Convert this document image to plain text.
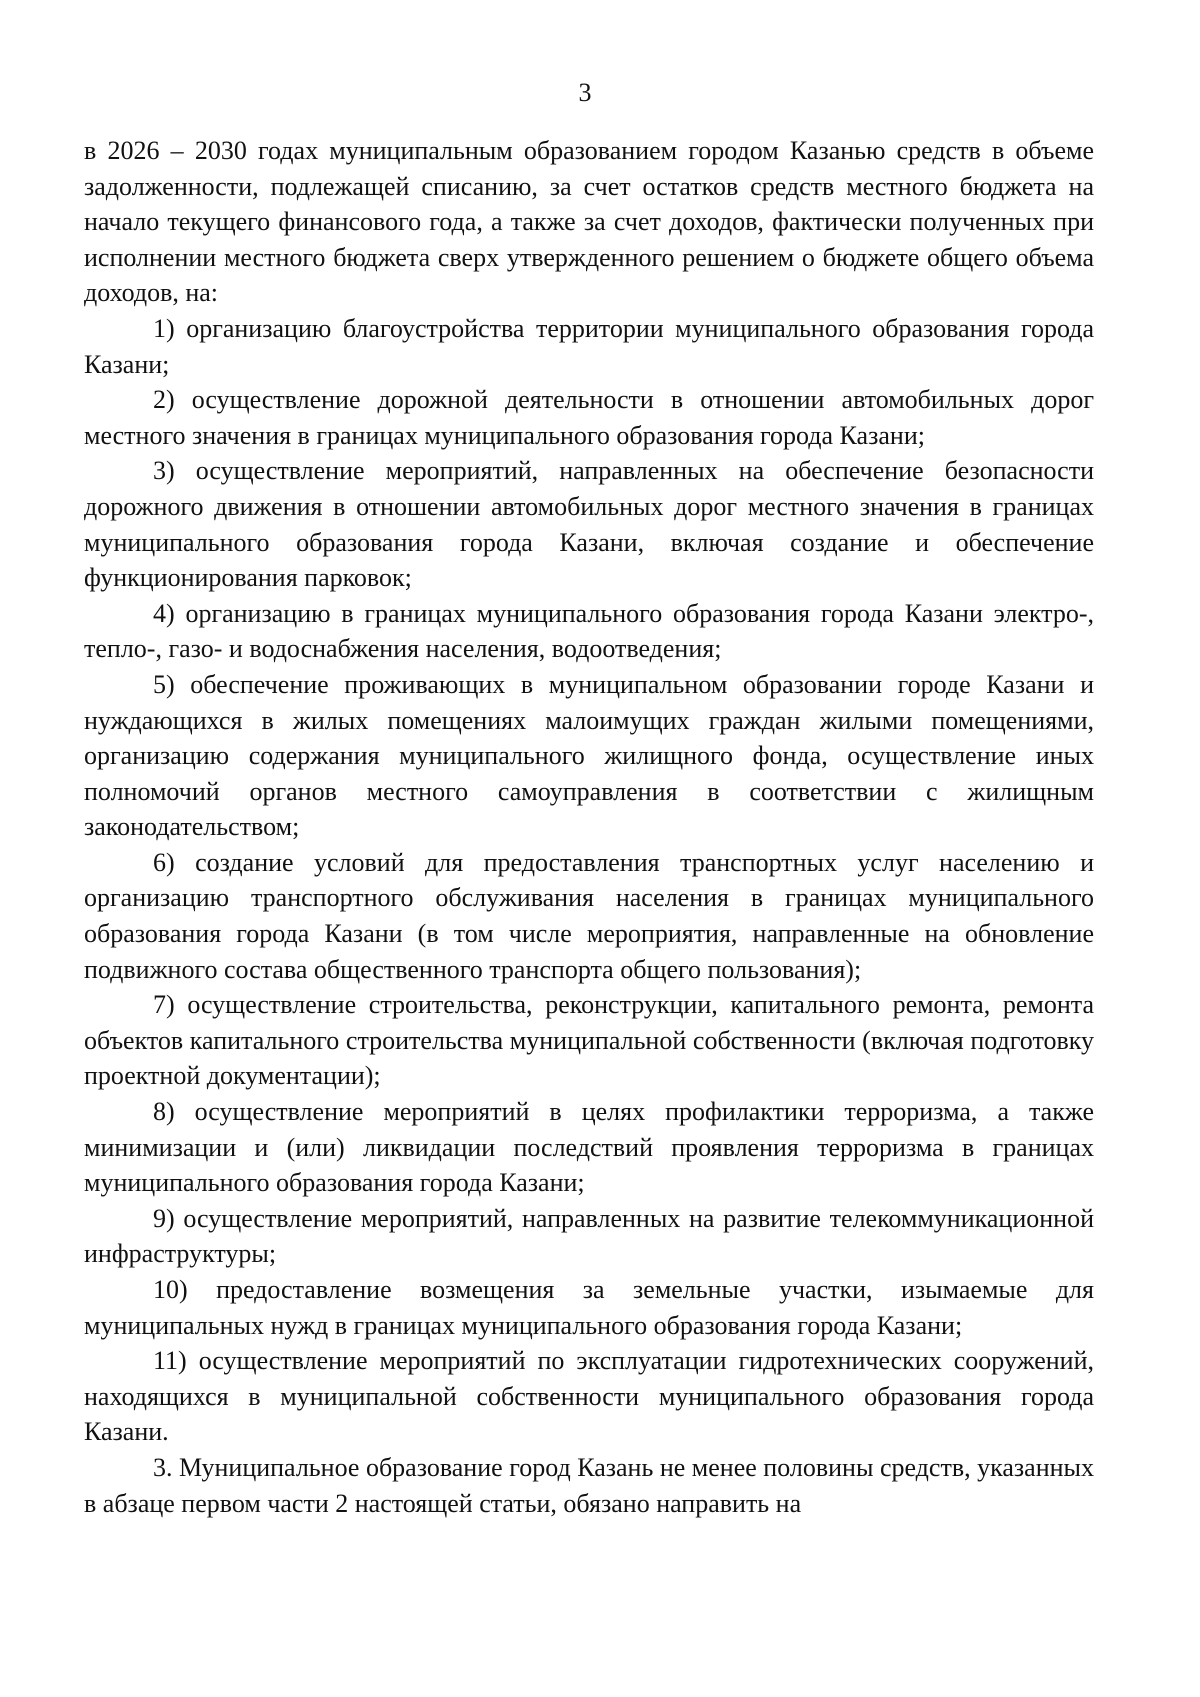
3

в 2026 – 2030 годах муниципальным образованием городом Казанью средств в объеме задолженности, подлежащей списанию, за счет остатков средств местного бюджета на начало текущего финансового года, а также за счет доходов, фактически полученных при исполнении местного бюджета сверх утвержденного решением о бюджете общего объема доходов, на:

1) организацию благоустройства территории муниципального образования города Казани;

2) осуществление дорожной деятельности в отношении автомобильных дорог местного значения в границах муниципального образования города Казани;

3) осуществление мероприятий, направленных на обеспечение безопасности дорожного движения в отношении автомобильных дорог местного значения в границах муниципального образования города Казани, включая создание и обеспечение функционирования парковок;

4) организацию в границах муниципального образования города Казани электро-, тепло-, газо- и водоснабжения населения, водоотведения;

5) обеспечение проживающих в муниципальном образовании городе Казани и нуждающихся в жилых помещениях малоимущих граждан жилыми помещениями, организацию содержания муниципального жилищного фонда, осуществление иных полномочий органов местного самоуправления в соответствии с жилищным законодательством;

6) создание условий для предоставления транспортных услуг населению и организацию транспортного обслуживания населения в границах муниципального образования города Казани (в том числе мероприятия, направленные на обновление подвижного состава общественного транспорта общего пользования);

7) осуществление строительства, реконструкции, капитального ремонта, ремонта объектов капитального строительства муниципальной собственности (включая подготовку проектной документации);

8) осуществление мероприятий в целях профилактики терроризма, а также минимизации и (или) ликвидации последствий проявления терроризма в границах муниципального образования города Казани;

9) осуществление мероприятий, направленных на развитие телекоммуникационной инфраструктуры;

10) предоставление возмещения за земельные участки, изымаемые для муниципальных нужд в границах муниципального образования города Казани;

11) осуществление мероприятий по эксплуатации гидротехнических сооружений, находящихся в муниципальной собственности муниципального образования города Казани.

3. Муниципальное образование город Казань не менее половины средств, указанных в абзаце первом части 2 настоящей статьи, обязано направить на
